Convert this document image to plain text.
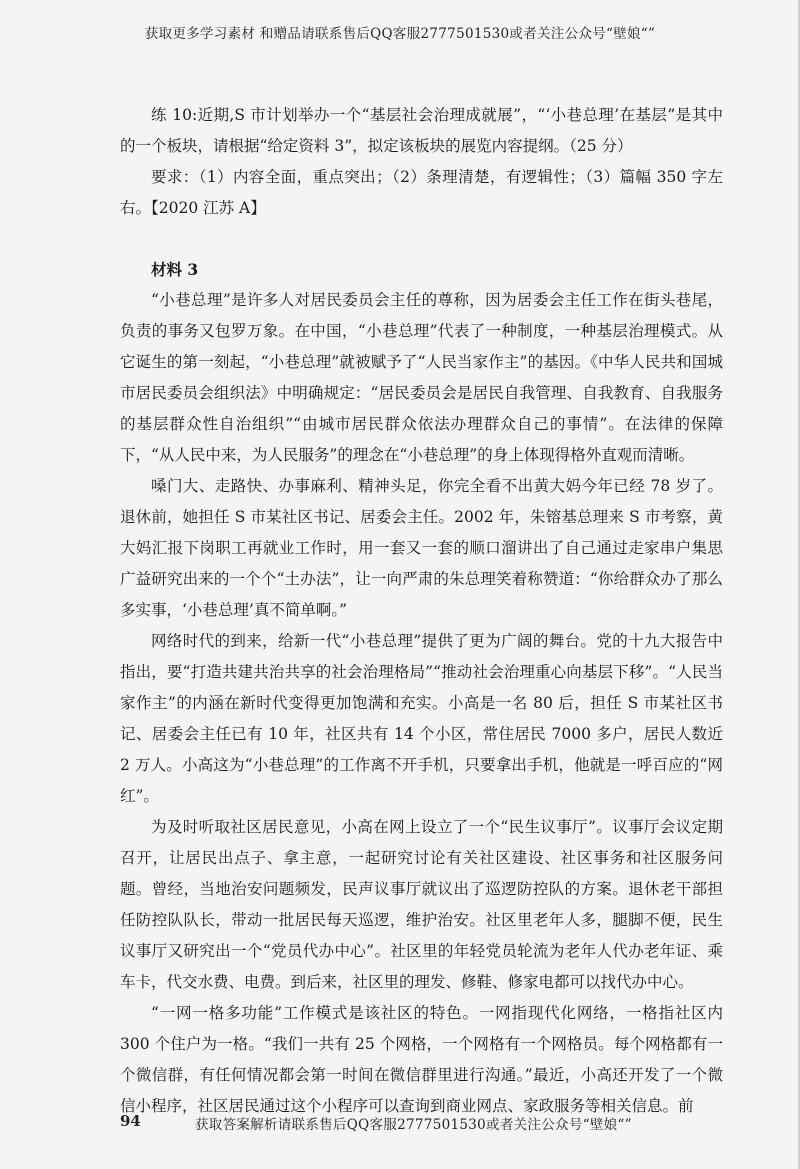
获取更多学习素材 和赠品请联系售后QQ客服2777501530或者关注公众号“壁娘“”

练 10:近期,S 市计划举办一个“基层社会治理成就展”，“‘小巷总理’在基层”是其中的一个板块，请根据“给定资料 3”，拟定该板块的展览内容提纲。（25 分）

要求：（1）内容全面，重点突出；（2）条理清楚，有逻辑性；（3）篇幅 350 字左右。【2020 江苏 A】

材料 3

“小巷总理”是许多人对居民委员会主任的尊称，因为居委会主任工作在街头巷尾，负责的事务又包罗万象。在中国，“小巷总理”代表了一种制度，一种基层治理模式。从它诞生的第一刻起，“小巷总理”就被赋予了“人民当家作主”的基因。《中华人民共和国城市居民委员会组织法》中明确规定：“居民委员会是居民自我管理、自我教育、自我服务的基层群众性自治组织”“由城市居民群众依法办理群众自己的事情”。在法律的保障下，“从人民中来，为人民服务”的理念在“小巷总理”的身上体现得格外直观而清晰。

嗓门大、走路快、办事麻利、精神头足，你完全看不出黄大妈今年已经 78 岁了。退休前，她担任 S 市某社区书记、居委会主任。2002 年，朱镕基总理来 S 市考察，黄大妈汇报下岗职工再就业工作时，用一套又一套的顺口溜讲出了自己通过走家串户集思广益研究出来的一个个“土办法”，让一向严肃的朱总理笑着称赞道：“你给群众办了那么多实事，‘小巷总理’真不简单啊。”

网络时代的到来，给新一代“小巷总理”提供了更为广阔的舞台。党的十九大报告中指出，要“打造共建共治共享的社会治理格局”“推动社会治理重心向基层下移”。“人民当家作主”的内涵在新时代变得更加饱满和充实。小高是一名 80 后，担任 S 市某社区书记、居委会主任已有 10 年，社区共有 14 个小区，常住居民 7000 多户，居民人数近 2 万人。小高这为“小巷总理”的工作离不开手机，只要拿出手机，他就是一呼百应的“网红”。

为及时听取社区居民意见，小高在网上设立了一个“民生议事厅”。议事厅会议定期召开，让居民出点子、拿主意，一起研究讨论有关社区建设、社区事务和社区服务问题。曾经，当地治安问题频发，民声议事厅就议出了巡逻防控队的方案。退休老干部担任防控队队长，带动一批居民每天巡逻，维护治安。社区里老年人多，腿脚不便，民生议事厅又研究出一个“党员代办中心”。社区里的年轻党员轮流为老年人代办老年证、乘车卡，代交水费、电费。到后来，社区里的理发、修鞋、修家电都可以找代办中心。

“一网一格多功能”工作模式是该社区的特色。一网指现代化网络，一格指社区内 300 个住户为一格。“我们一共有 25 个网格，一个网格有一个网格员。每个网格都有一个微信群，有任何情况都会第一时间在微信群里进行沟通。”最近，小高还开发了一个微信小程序，社区居民通过这个小程序可以查询到商业网点、家政服务等相关信息。前

94	获取答案解析请联系售后QQ客服2777501530或者关注公众号“壁娘“”
